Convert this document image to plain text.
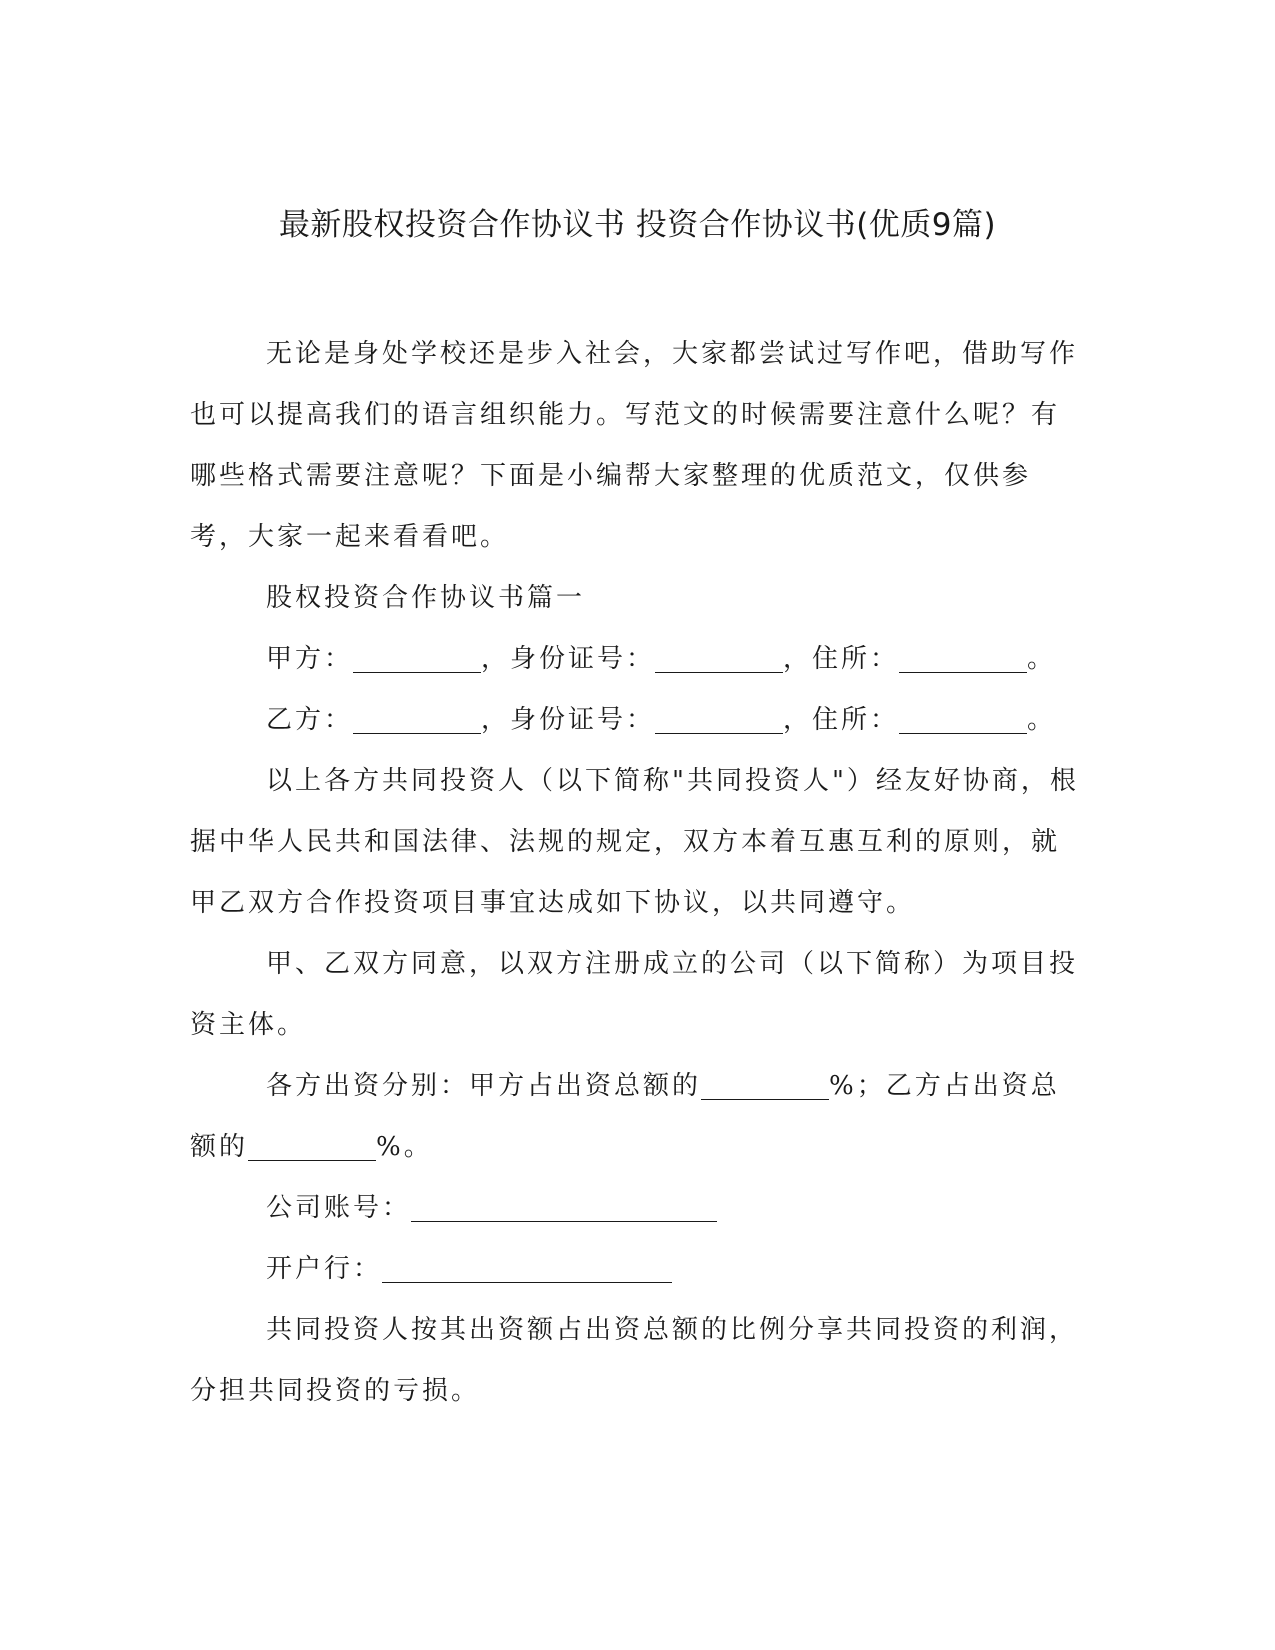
最新股权投资合作协议书 投资合作协议书(优质9篇)

无论是身处学校还是步入社会，大家都尝试过写作吧，借助写作也可以提高我们的语言组织能力。写范文的时候需要注意什么呢？有哪些格式需要注意呢？下面是小编帮大家整理的优质范文，仅供参考，大家一起来看看吧。

股权投资合作协议书篇一

甲方：	，身份证号：	，住所：	。

乙方：	，身份证号：	，住所：	。

以上各方共同投资人（以下简称"共同投资人"）经友好协商，根据中华人民共和国法律、法规的规定，双方本着互惠互利的原则，就甲乙双方合作投资项目事宜达成如下协议，以共同遵守。

甲、乙双方同意，以双方注册成立的公司（以下简称）为项目投资主体。

各方出资分别：甲方占出资总额的	%；乙方占出资总额的	%。

公司账号：

开户行：

共同投资人按其出资额占出资总额的比例分享共同投资的利润，分担共同投资的亏损。
